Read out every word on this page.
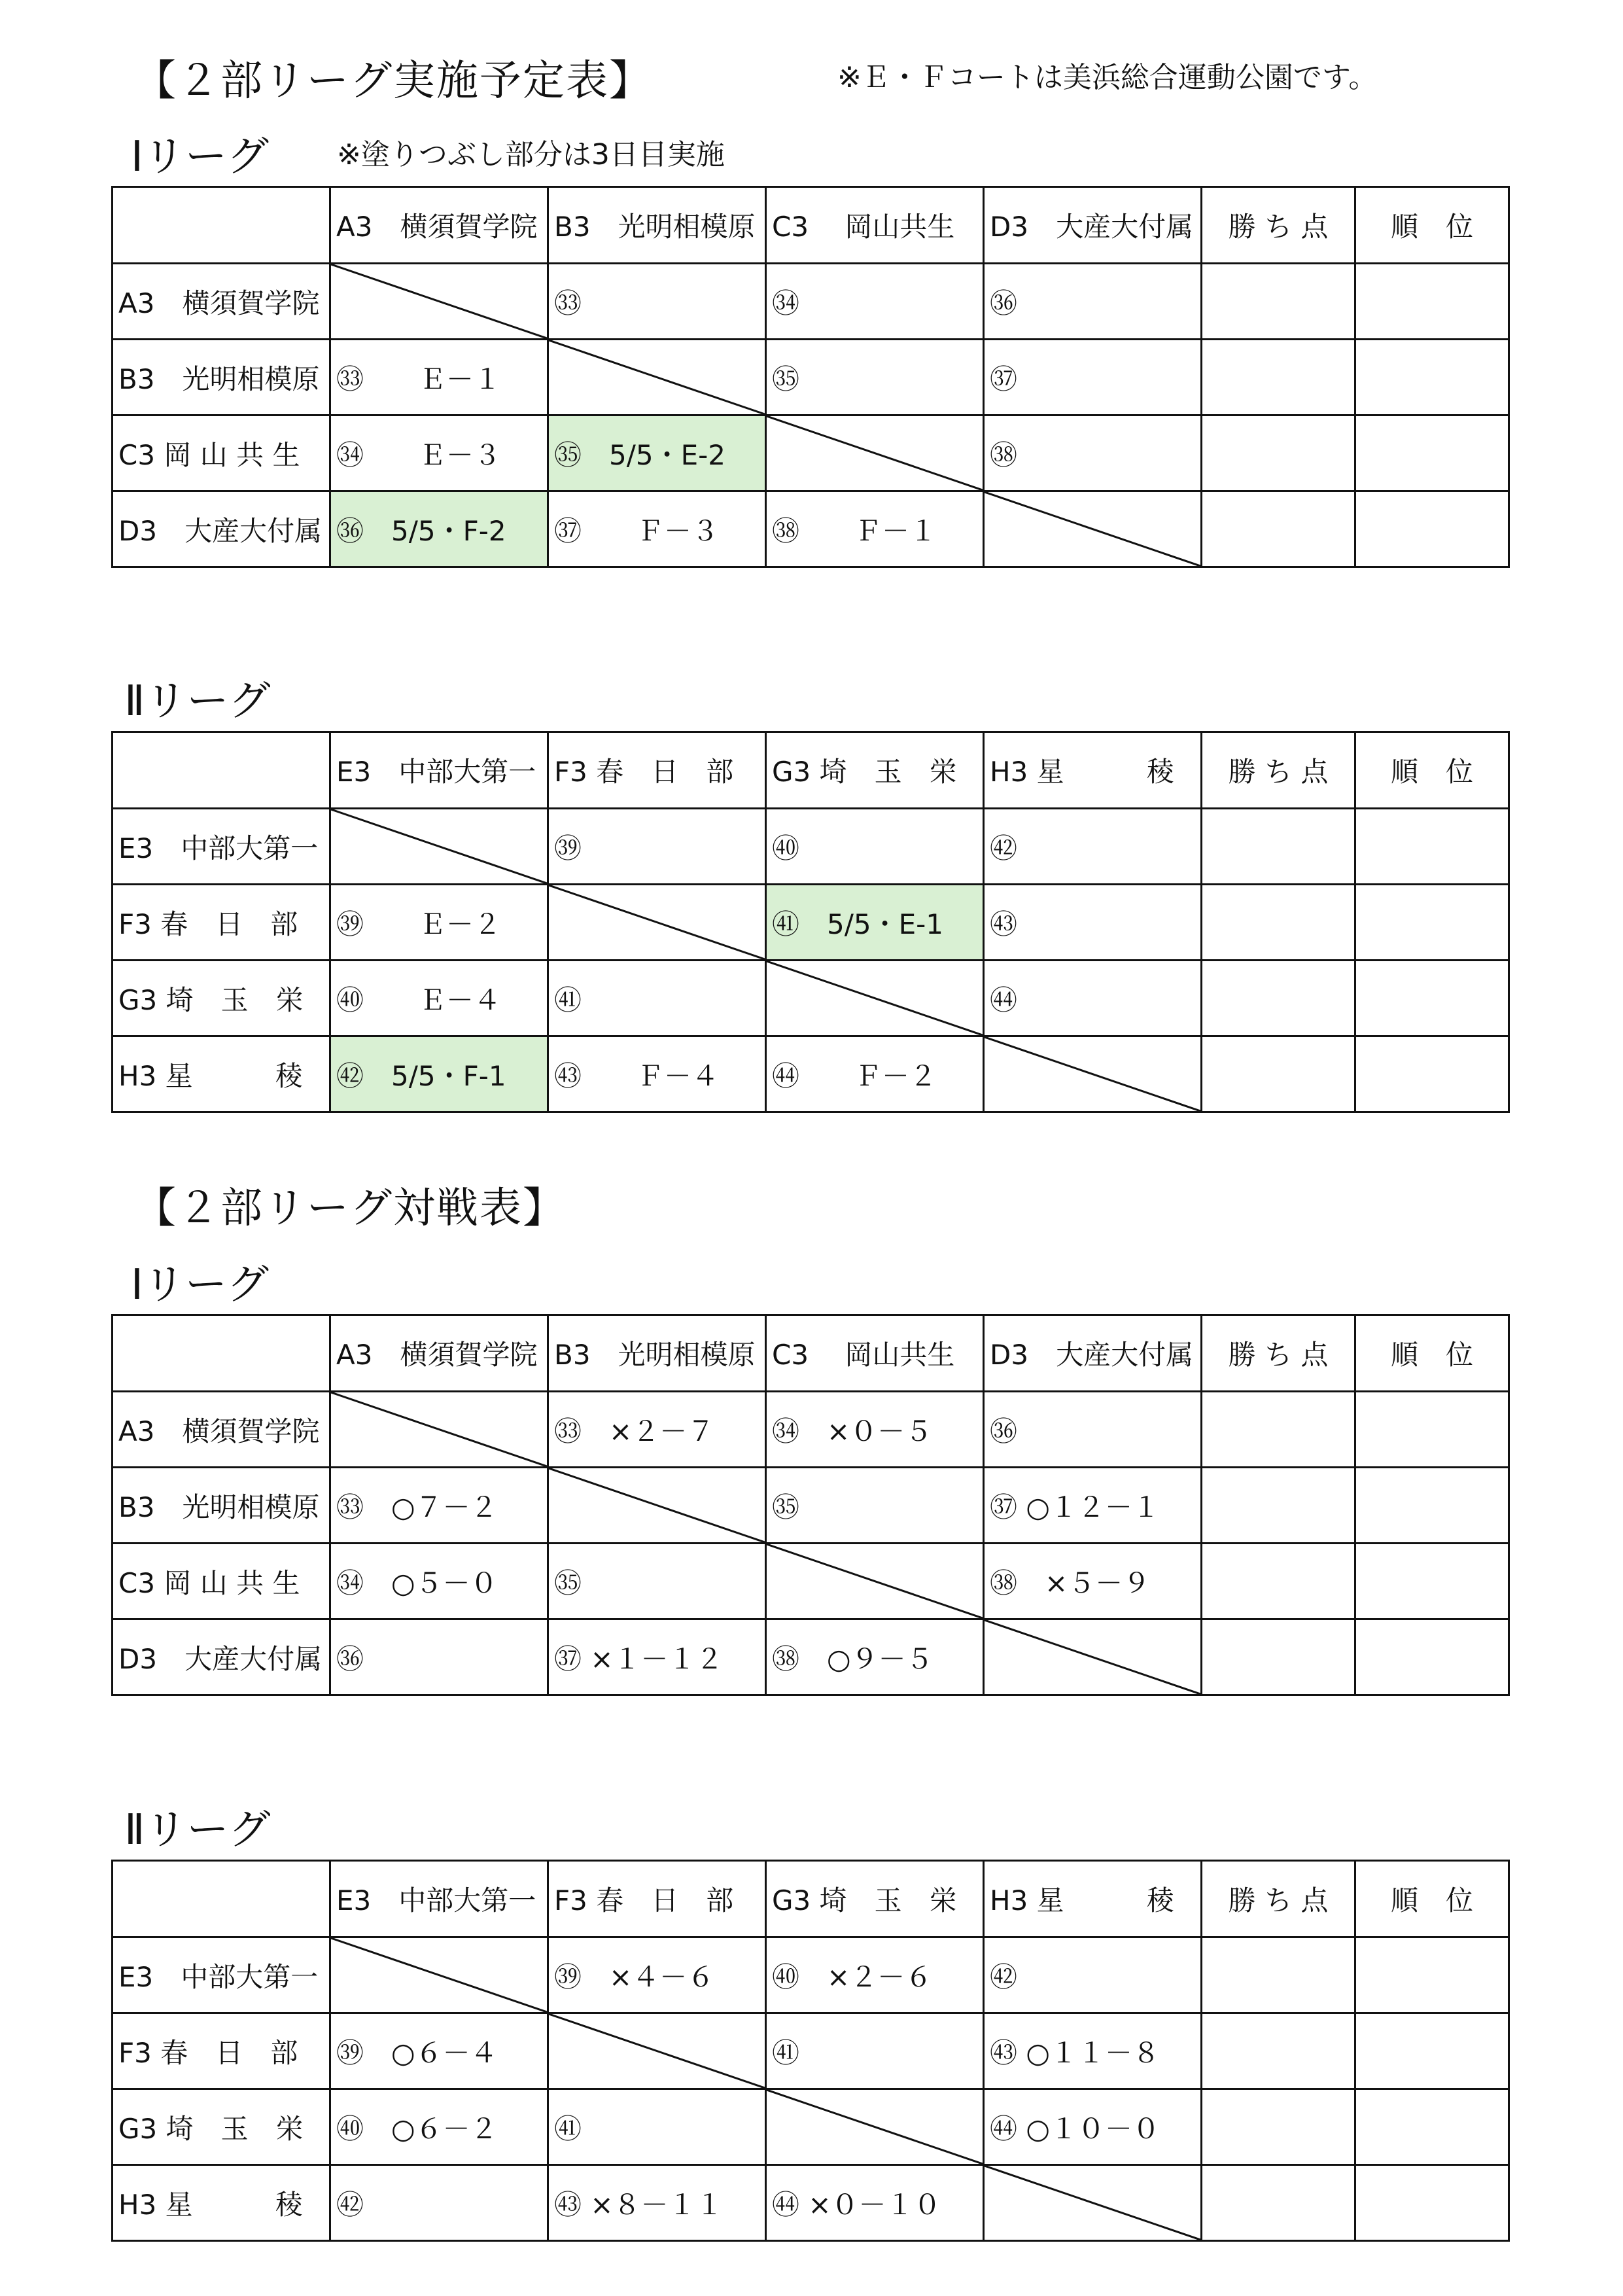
【２部リーグ実施予定表】	※Ｅ・Ｆコートは美浜総合運動公園です。
Ⅰリーグ ※塗りつぶし部分は3日目実施
	A3　横須賀学院	B3　光明相模原	C3　 岡山共生	D3　大産大付属	勝 ち 点	順　位
A3　横須賀学院		㉝	㉞	㊱		
B3　光明相模原	㉝　　Ｅ－１		㉟	㊲		
C3 岡 山 共 生	㉞　　Ｅ－３	㉟　5/5・E-2		㊳		
D3　大産大付属	㊱　5/5・F-2	㊲　　Ｆ－３	㊳　　Ｆ－１	

Ⅱリーグ
	E3　中部大第一	F3 春　日　部	G3 埼　玉　栄	H3 星　　　稜	勝 ち 点	順　位
E3　中部大第一		㊴	㊵	㊷		
F3 春　日　部	㊴　　Ｅ－２		㊶　5/5・E-1	㊸		
G3 埼　玉　栄	㊵　　Ｅ－４	㊶		㊹		
H3 星　　　稜	㊷　5/5・F-1	㊸　　Ｆ－４	㊹　　Ｆ－２	

【２部リーグ対戦表】
Ⅰリーグ
	A3　横須賀学院	B3　光明相模原	C3　 岡山共生	D3　大産大付属	勝 ち 点	順　位
A3　横須賀学院		㉝　×２－７	㉞　×０－５	㊱		
B3　光明相模原	㉝　○７－２		㉟	㊲ ○１２－１		
C3 岡 山 共 生	㉞　○５－０	㉟		㊳　×５－９		
D3　大産大付属	㊱	㊲ ×１－１２	㊳　○９－５	

Ⅱリーグ
	E3　中部大第一	F3 春　日　部	G3 埼　玉　栄	H3 星　　　稜	勝 ち 点	順　位
E3　中部大第一		㊴　×４－６	㊵　×２－６	㊷		
F3 春　日　部	㊴　○６－４		㊶	㊸ ○１１－８		
G3 埼　玉　栄	㊵　○６－２	㊶		㊹ ○１０－０		
H3 星　　　稜	㊷	㊸ ×８－１１	㊹ ×０－１０	
